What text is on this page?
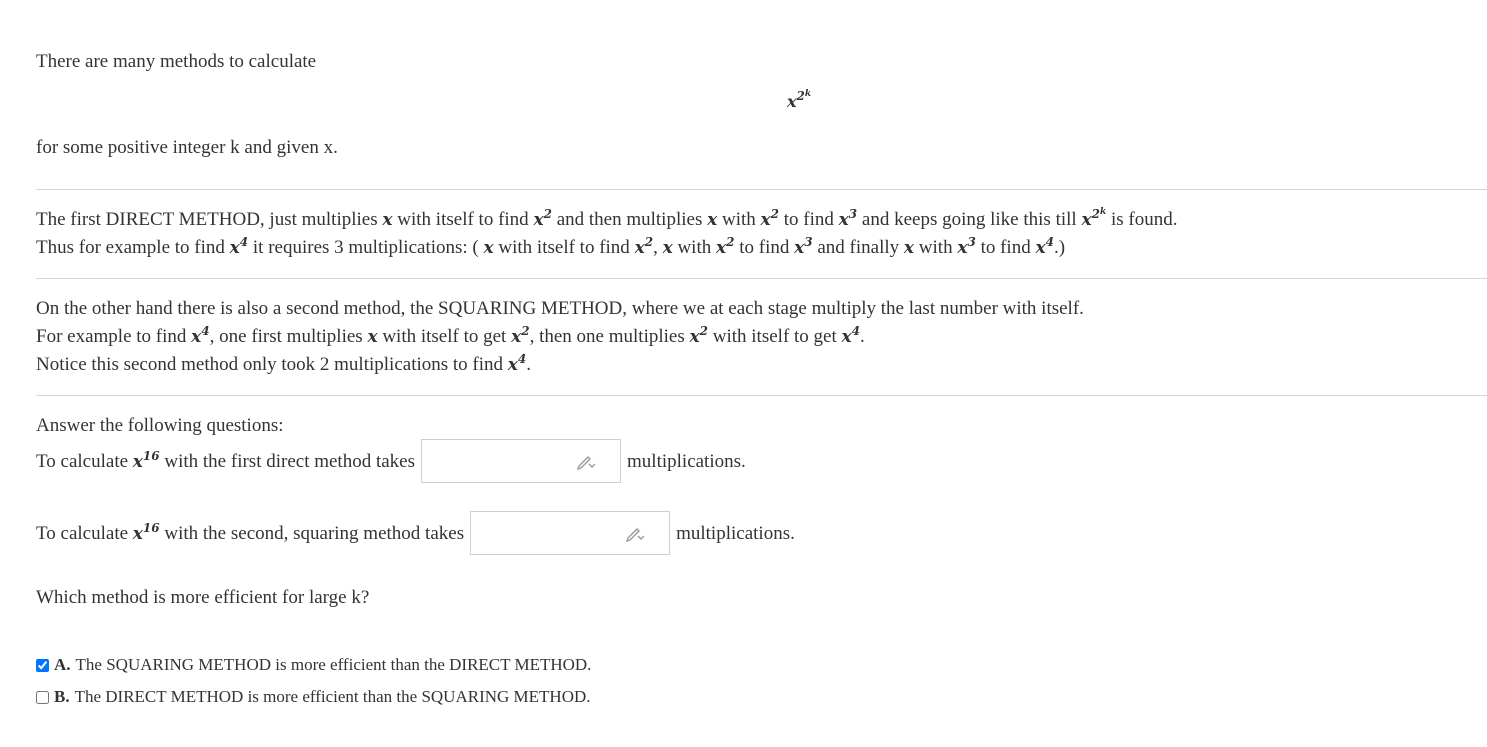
There are many methods to calculate
$x^{2^k}$
for some positive integer k and given x.
The first DIRECT METHOD, just multiplies x with itself to find $x^2$ and then multiplies x with $x^2$ to find $x^3$ and keeps going like this till $x^{2^k}$ is found.
Thus for example to find $x^4$ it requires 3 multiplications: ( x with itself to find $x^2$, x with $x^2$ to find $x^3$ and finally x with $x^3$ to find $x^4$.)
On the other hand there is also a second method, the SQUARING METHOD, where we at each stage multiply the last number with itself.
For example to find $x^4$, one first multiplies x with itself to get $x^2$, then one multiplies $x^2$ with itself to get $x^4$.
Notice this second method only took 2 multiplications to find $x^4$.
Answer the following questions:
To calculate $x^{16}$ with the first direct method takes	multiplications.
To calculate $x^{16}$ with the second, squaring method takes	multiplications.
Which method is more efficient for large k?
A. The SQUARING METHOD is more efficient than the DIRECT METHOD.
B. The DIRECT METHOD is more efficient than the SQUARING METHOD.
